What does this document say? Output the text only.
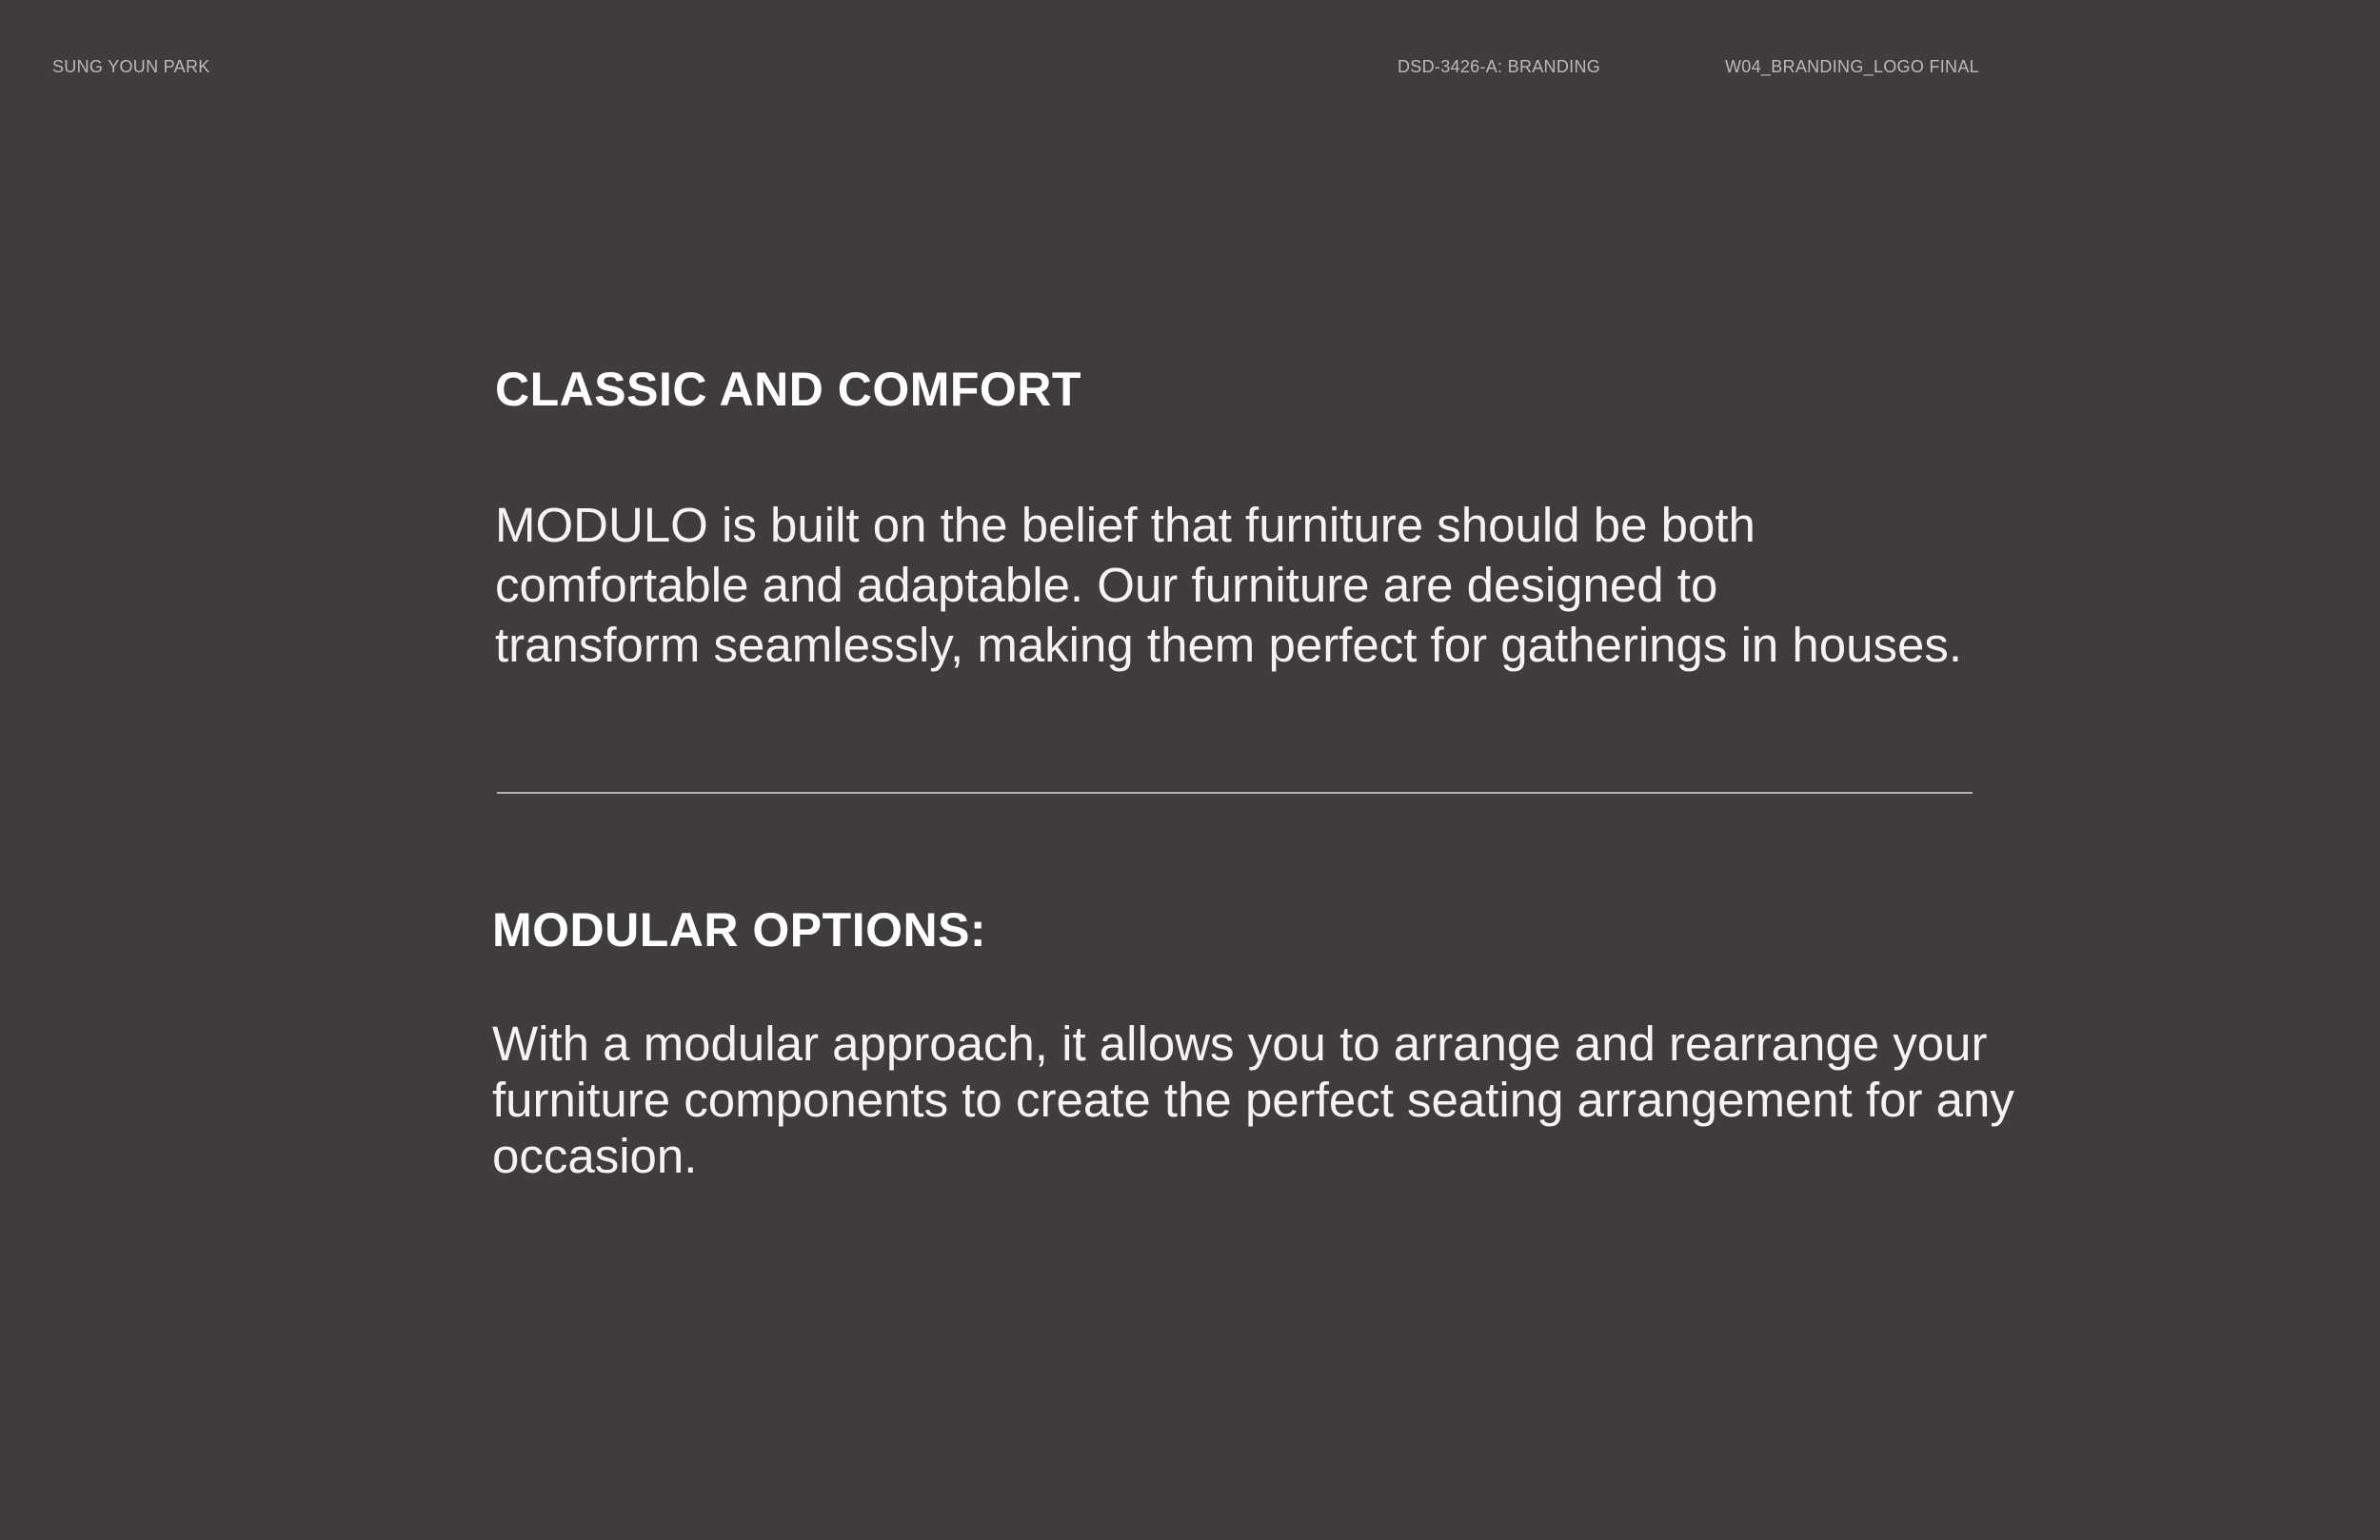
SUNG YOUN PARK	DSD-3426-A: BRANDING	W04_BRANDING_LOGO FINAL
CLASSIC AND COMFORT

MODULO is built on the belief that furniture should be both
comfortable and adaptable. Our furniture are designed to
transform seamlessly, making them perfect for gatherings in houses.

MODULAR OPTIONS:

With a modular approach, it allows you to arrange and rearrange your
furniture components to create the perfect seating arrangement for any
occasion.
